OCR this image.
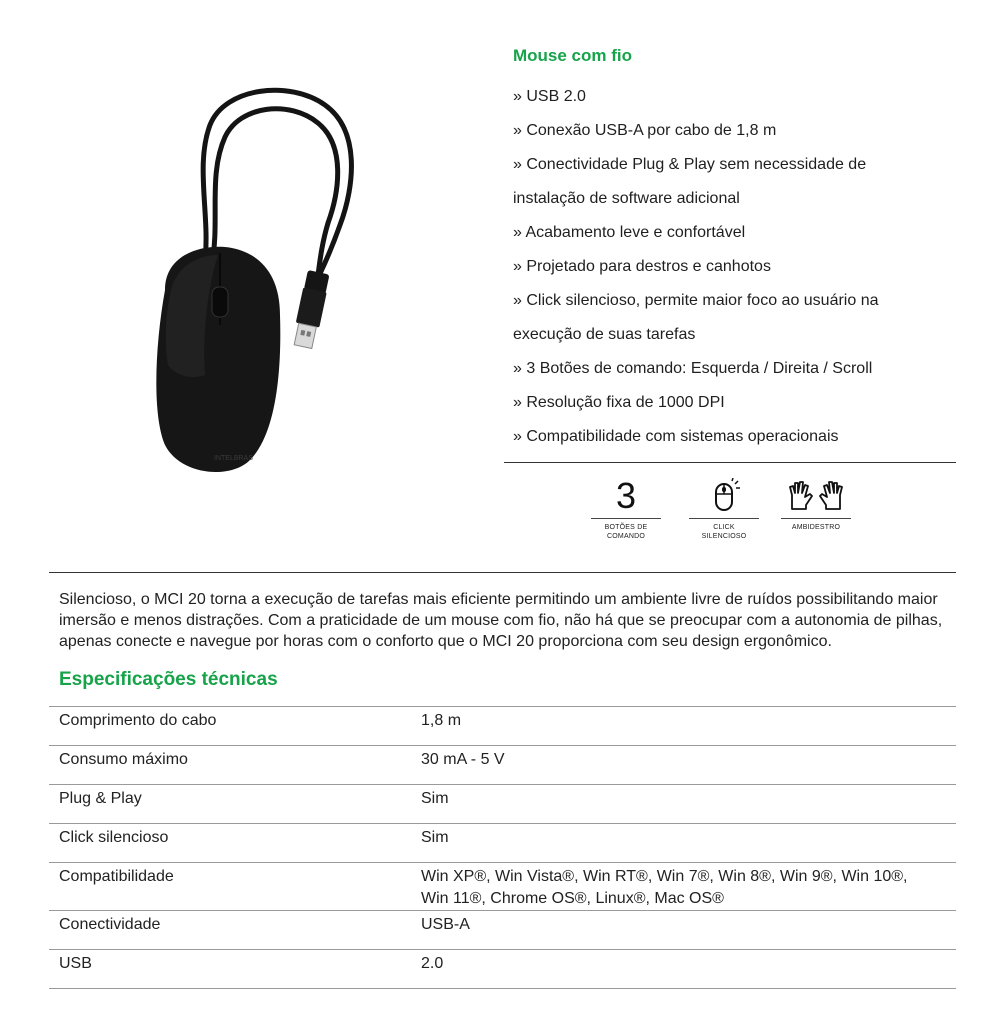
INTELBRAS
Mouse com fio
» USB 2.0
» Conexão USB-A por cabo de 1,8 m
» Conectividade Plug & Play sem necessidade de
instalação de software adicional
» Acabamento leve e confortável
» Projetado para destros e canhotos
» Click silencioso, permite maior foco ao usuário na
execução de suas tarefas
» 3 Botões de comando: Esquerda / Direita / Scroll
» Resolução fixa de 1000 DPI
» Compatibilidade com sistemas operacionais
3
BOTÕES DE
COMANDO
CLICK
SILENCIOSO
AMBIDESTRO

Silencioso, o MCI 20 torna a execução de tarefas mais eficiente permitindo um ambiente livre de ruídos possibilitando maior imersão e menos distrações. Com a praticidade de um mouse com fio, não há que se preocupar com a autonomia de pilhas, apenas conecte e navegue por horas com o conforto que o MCI 20 proporciona com seu design ergonômico.

Especificações técnicas
Comprimento do cabo	1,8 m
Consumo máximo	30 mA - 5 V
Plug & Play	Sim
Click silencioso	Sim
Compatibilidade	Win XP®, Win Vista®, Win RT®, Win 7®, Win 8®, Win 9®, Win 10®, Win 11®, Chrome OS®, Linux®, Mac OS®
Conectividade	USB-A
USB	2.0
